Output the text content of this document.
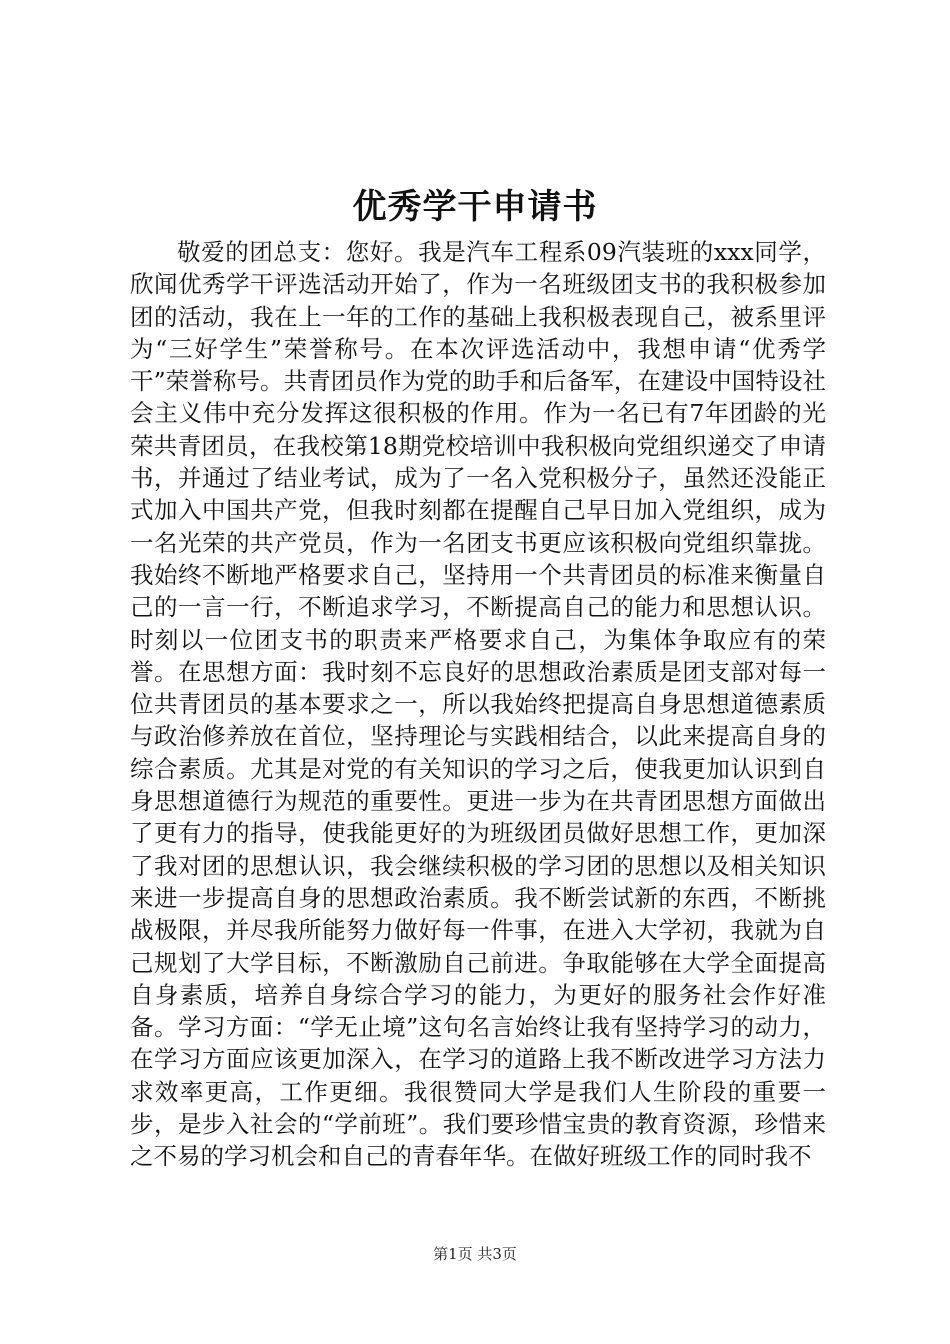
优秀学干申请书

敬爱的团总支：您好。我是汽车工程系09汽装班的xxx同学，欣闻优秀学干评选活动开始了，作为一名班级团支书的我积极参加团的活动，我在上一年的工作的基础上我积极表现自己，被系里评为“三好学生”荣誉称号。在本次评选活动中，我想申请“优秀学干”荣誉称号。共青团员作为党的助手和后备军，在建设中国特设社会主义伟中充分发挥这很积极的作用。作为一名已有7年团龄的光荣共青团员，在我校第18期党校培训中我积极向党组织递交了申请书，并通过了结业考试，成为了一名入党积极分子，虽然还没能正式加入中国共产党，但我时刻都在提醒自己早日加入党组织，成为一名光荣的共产党员，作为一名团支书更应该积极向党组织靠拢。我始终不断地严格要求自己，坚持用一个共青团员的标准来衡量自己的一言一行，不断追求学习，不断提高自己的能力和思想认识。时刻以一位团支书的职责来严格要求自己，为集体争取应有的荣誉。在思想方面：我时刻不忘良好的思想政治素质是团支部对每一位共青团员的基本要求之一，所以我始终把提高自身思想道德素质与政治修养放在首位，坚持理论与实践相结合，以此来提高自身的综合素质。尤其是对党的有关知识的学习之后，使我更加认识到自身思想道德行为规范的重要性。更进一步为在共青团思想方面做出了更有力的指导，使我能更好的为班级团员做好思想工作，更加深了我对团的思想认识，我会继续积极的学习团的思想以及相关知识来进一步提高自身的思想政治素质。我不断尝试新的东西，不断挑战极限，并尽我所能努力做好每一件事，在进入大学初，我就为自己规划了大学目标，不断激励自己前进。争取能够在大学全面提高自身素质，培养自身综合学习的能力，为更好的服务社会作好准备。学习方面：“学无止境”这句名言始终让我有坚持学习的动力，在学习方面应该更加深入，在学习的道路上我不断改进学习方法力求效率更高，工作更细。我很赞同大学是我们人生阶段的重要一步，是步入社会的“学前班”。我们要珍惜宝贵的教育资源，珍惜来之不易的学习机会和自己的青春年华。在做好班级工作的同时我不

第1页 共3页
